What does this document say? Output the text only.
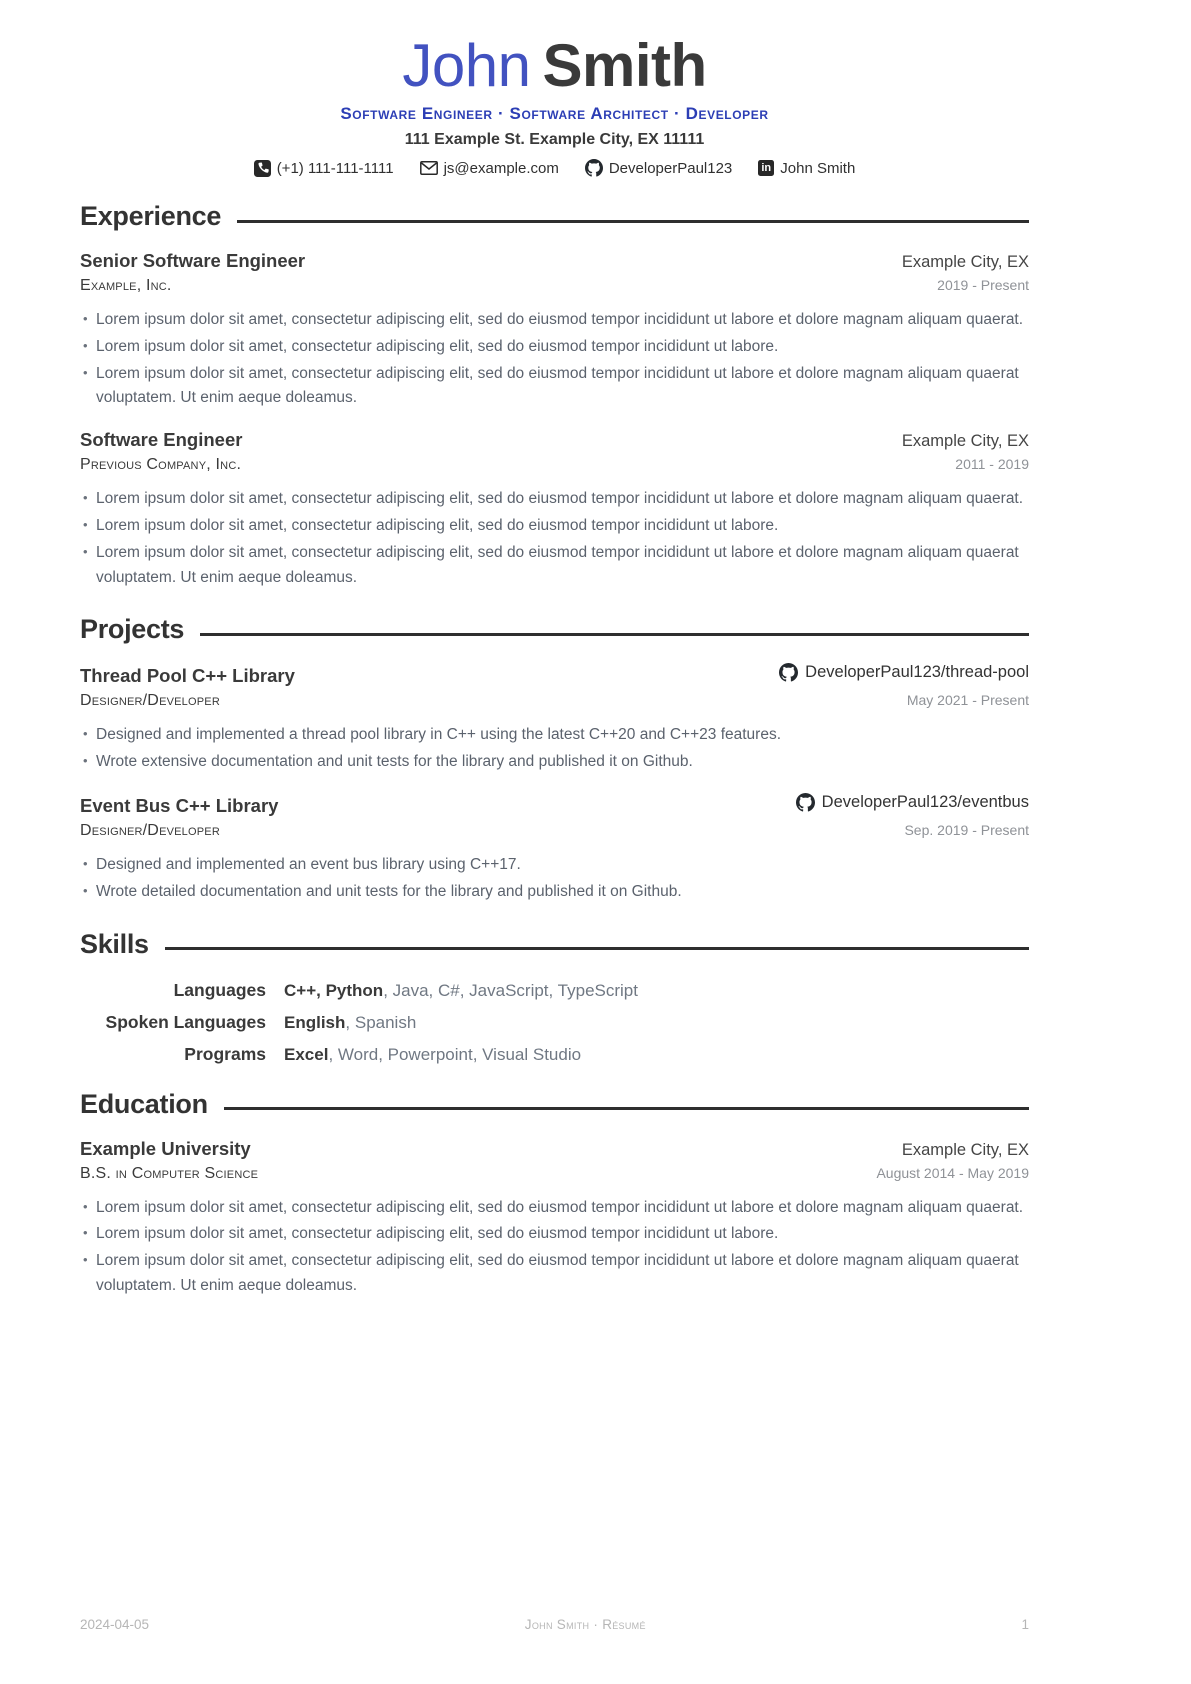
John Smith
Software Engineer · Software Architect · Developer
111 Example St. Example City, EX 11111
(+1) 111-111-1111	js@example.com	DeveloperPaul123	in John Smith
Experience
Senior Software Engineer	Example City, EX
Example, Inc.	2019 - Present
• Lorem ipsum dolor sit amet, consectetur adipiscing elit, sed do eiusmod tempor incididunt ut labore et dolore magnam aliquam quaerat.
• Lorem ipsum dolor sit amet, consectetur adipiscing elit, sed do eiusmod tempor incididunt ut labore.
• Lorem ipsum dolor sit amet, consectetur adipiscing elit, sed do eiusmod tempor incididunt ut labore et dolore magnam aliquam quaerat voluptatem. Ut enim aeque doleamus.
Software Engineer	Example City, EX
Previous Company, Inc.	2011 - 2019
• Lorem ipsum dolor sit amet, consectetur adipiscing elit, sed do eiusmod tempor incididunt ut labore et dolore magnam aliquam quaerat.
• Lorem ipsum dolor sit amet, consectetur adipiscing elit, sed do eiusmod tempor incididunt ut labore.
• Lorem ipsum dolor sit amet, consectetur adipiscing elit, sed do eiusmod tempor incididunt ut labore et dolore magnam aliquam quaerat voluptatem. Ut enim aeque doleamus.
Projects
Thread Pool C++ Library	DeveloperPaul123/thread-pool
Designer/Developer	May 2021 - Present
• Designed and implemented a thread pool library in C++ using the latest C++20 and C++23 features.
• Wrote extensive documentation and unit tests for the library and published it on Github.
Event Bus C++ Library	DeveloperPaul123/eventbus
Designer/Developer	Sep. 2019 - Present
• Designed and implemented an event bus library using C++17.
• Wrote detailed documentation and unit tests for the library and published it on Github.
Skills
Languages C++, Python, Java, C#, JavaScript, TypeScript
Spoken Languages English, Spanish
Programs Excel, Word, Powerpoint, Visual Studio
Education
Example University	Example City, EX
B.S. in Computer Science	August 2014 - May 2019
• Lorem ipsum dolor sit amet, consectetur adipiscing elit, sed do eiusmod tempor incididunt ut labore et dolore magnam aliquam quaerat.
• Lorem ipsum dolor sit amet, consectetur adipiscing elit, sed do eiusmod tempor incididunt ut labore.
• Lorem ipsum dolor sit amet, consectetur adipiscing elit, sed do eiusmod tempor incididunt ut labore et dolore magnam aliquam quaerat voluptatem. Ut enim aeque doleamus.
2024-04-05	John Smith · Résumé	1
